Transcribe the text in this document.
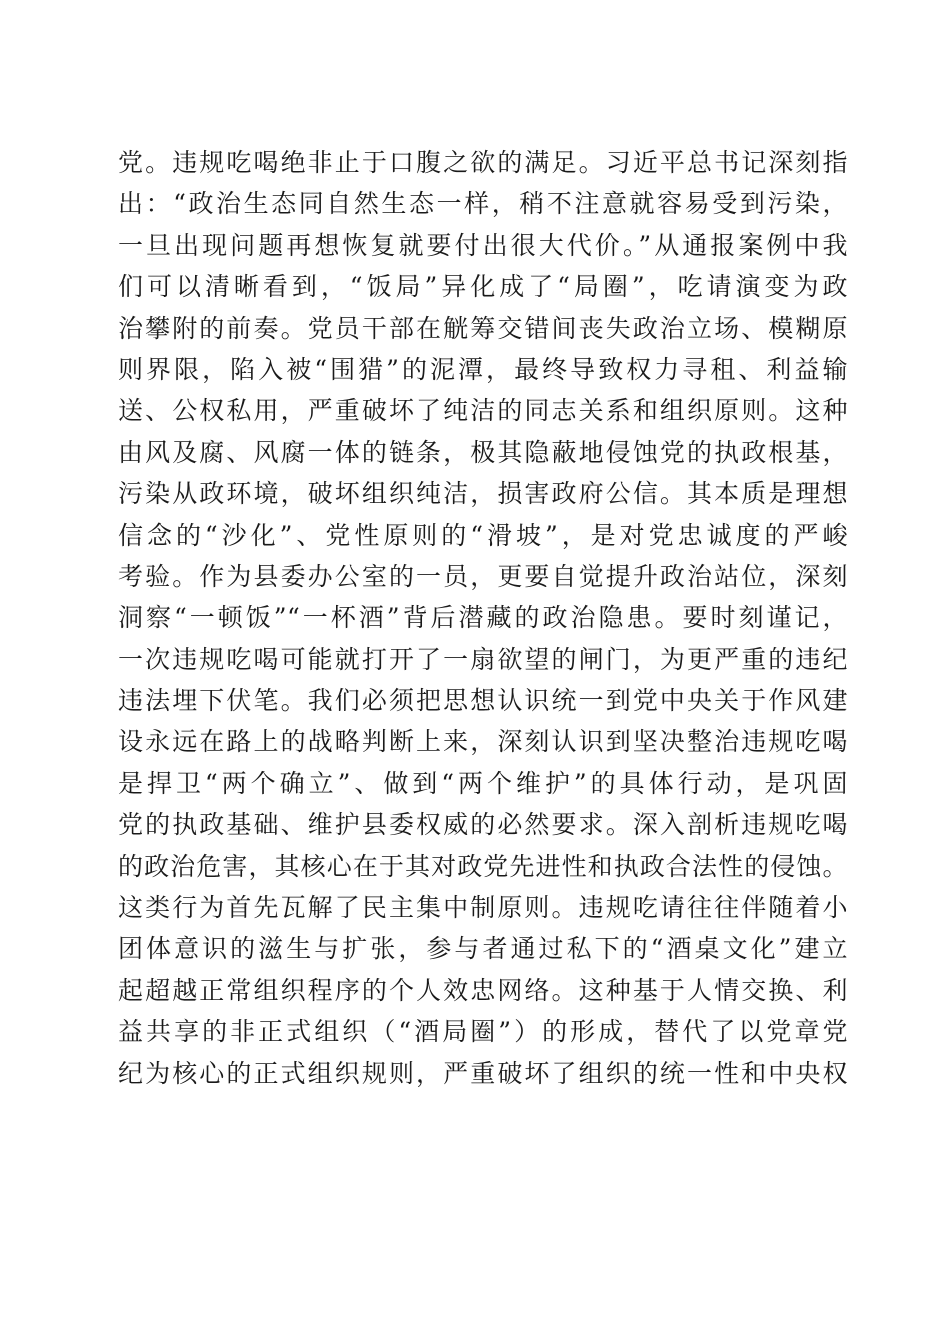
党。违规吃喝绝非止于口腹之欲的满足。习近平总书记深刻指
出：“政治生态同自然生态一样，稍不注意就容易受到污染，
一旦出现问题再想恢复就要付出很大代价。”从通报案例中我
们可以清晰看到，“饭局”异化成了“局圈”，吃请演变为政
治攀附的前奏。党员干部在觥筹交错间丧失政治立场、模糊原
则界限，陷入被“围猎”的泥潭，最终导致权力寻租、利益输
送、公权私用，严重破坏了纯洁的同志关系和组织原则。这种
由风及腐、风腐一体的链条，极其隐蔽地侵蚀党的执政根基，
污染从政环境，破坏组织纯洁，损害政府公信。其本质是理想
信念的“沙化”、党性原则的“滑坡”，是对党忠诚度的严峻
考验。作为县委办公室的一员，更要自觉提升政治站位，深刻
洞察“一顿饭”“一杯酒”背后潜藏的政治隐患。要时刻谨记，
一次违规吃喝可能就打开了一扇欲望的闸门，为更严重的违纪
违法埋下伏笔。我们必须把思想认识统一到党中央关于作风建
设永远在路上的战略判断上来，深刻认识到坚决整治违规吃喝
是捍卫“两个确立”、做到“两个维护”的具体行动，是巩固
党的执政基础、维护县委权威的必然要求。深入剖析违规吃喝
的政治危害，其核心在于其对政党先进性和执政合法性的侵蚀。
这类行为首先瓦解了民主集中制原则。违规吃请往往伴随着小
团体意识的滋生与扩张，参与者通过私下的“酒桌文化”建立
起超越正常组织程序的个人效忠网络。这种基于人情交换、利
益共享的非正式组织（“酒局圈”）的形成，替代了以党章党
纪为核心的正式组织规则，严重破坏了组织的统一性和中央权
